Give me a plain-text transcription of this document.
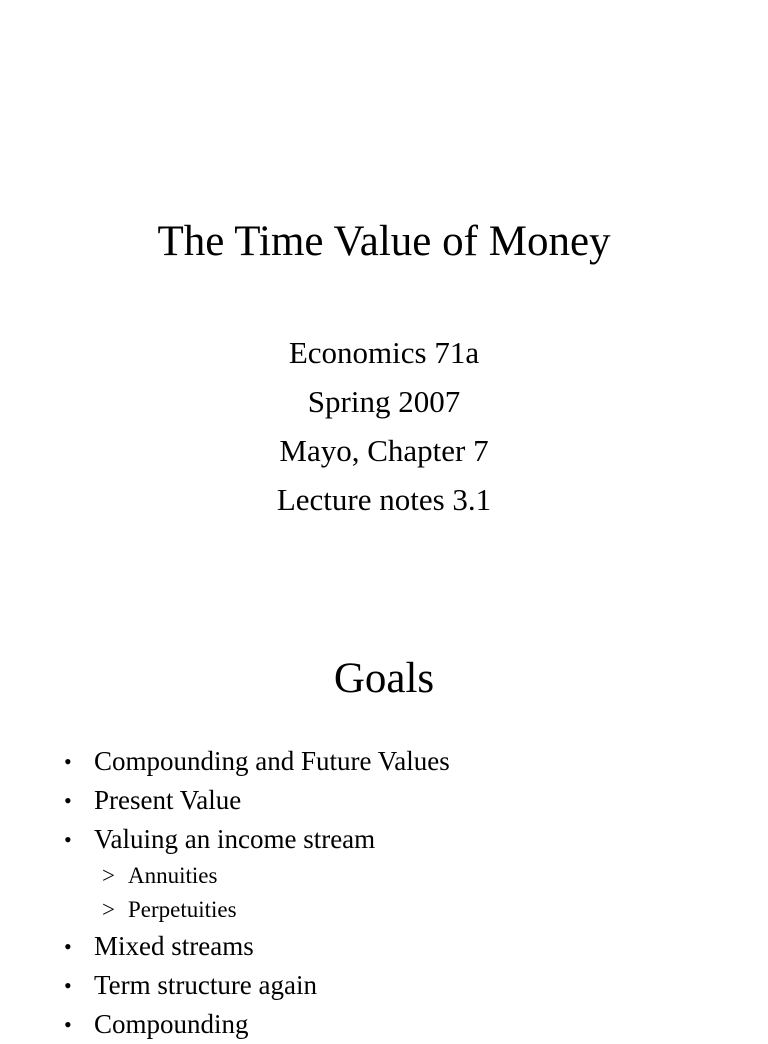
The Time Value of Money
Economics 71a
Spring 2007
Mayo, Chapter 7
Lecture notes 3.1
Goals
• Compounding and Future Values
• Present Value
• Valuing an income stream
> Annuities
> Perpetuities
• Mixed streams
• Term structure again
• Compounding
